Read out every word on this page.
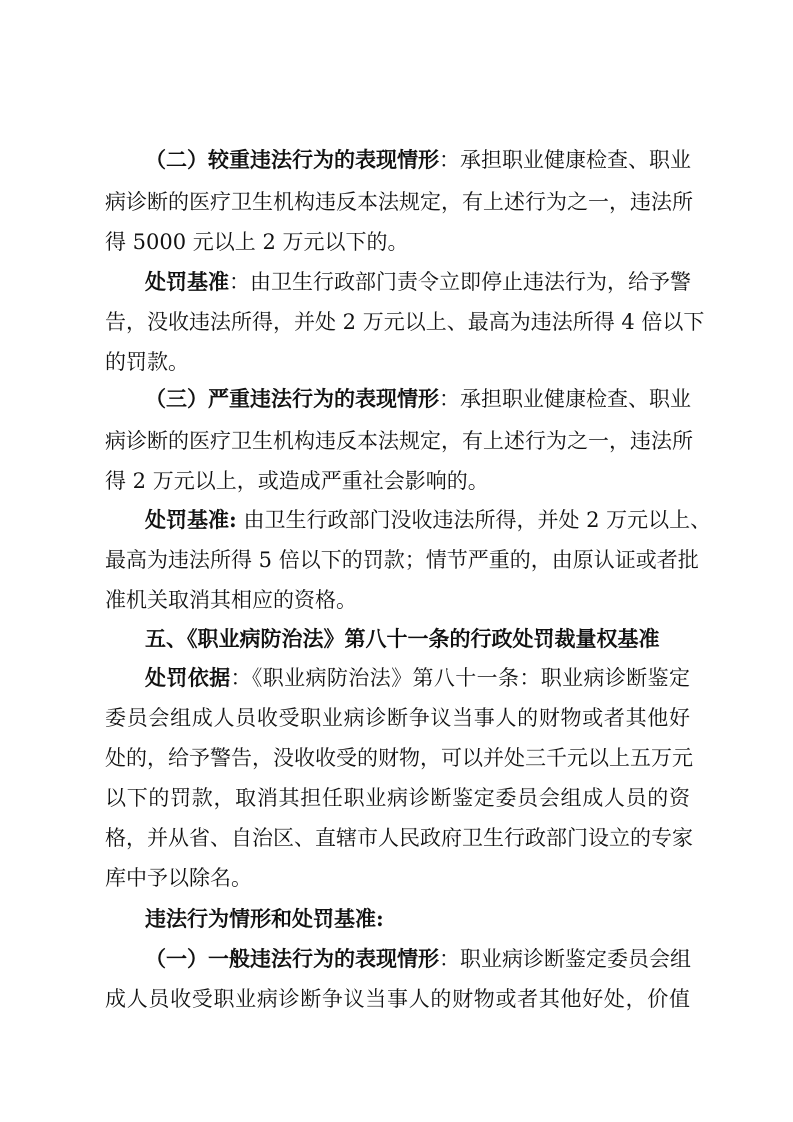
（二）较重违法行为的表现情形：承担职业健康检查、职业
病诊断的医疗卫生机构违反本法规定，有上述行为之一，违法所
得 5000 元以上 2 万元以下的。
处罚基准：由卫生行政部门责令立即停止违法行为，给予警
告，没收违法所得，并处 2 万元以上、最高为违法所得 4 倍以下
的罚款。
（三）严重违法行为的表现情形：承担职业健康检查、职业
病诊断的医疗卫生机构违反本法规定，有上述行为之一，违法所
得 2 万元以上，或造成严重社会影响的。
处罚基准: 由卫生行政部门没收违法所得，并处 2 万元以上、
最高为违法所得 5 倍以下的罚款；情节严重的，由原认证或者批
准机关取消其相应的资格。
五、《职业病防治法》第八十一条的行政处罚裁量权基准
处罚依据：《职业病防治法》第八十一条：职业病诊断鉴定
委员会组成人员收受职业病诊断争议当事人的财物或者其他好
处的，给予警告，没收收受的财物，可以并处三千元以上五万元
以下的罚款，取消其担任职业病诊断鉴定委员会组成人员的资
格，并从省、自治区、直辖市人民政府卫生行政部门设立的专家
库中予以除名。
违法行为情形和处罚基准:
（一）一般违法行为的表现情形：职业病诊断鉴定委员会组
成人员收受职业病诊断争议当事人的财物或者其他好处，价值
